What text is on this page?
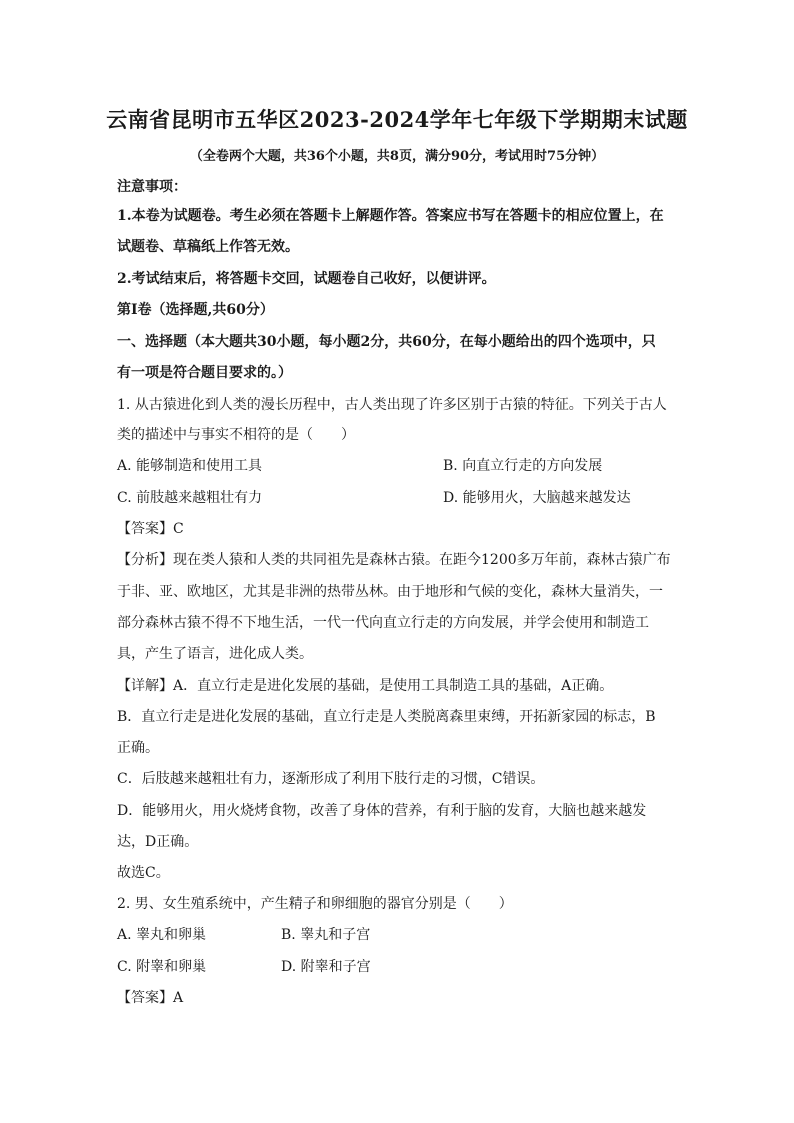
云南省昆明市五华区2023-2024学年七年级下学期期末试题
（全卷两个大题，共36个小题，共8页，满分90分，考试用时75分钟）
注意事项：
1.本卷为试题卷。考生必须在答题卡上解题作答。答案应书写在答题卡的相应位置上，在
试题卷、草稿纸上作答无效。
2.考试结束后，将答题卡交回，试题卷自己收好，以便讲评。
第Ⅰ卷（选择题,共60分）
一、选择题（本大题共30小题，每小题2分，共60分，在每小题给出的四个选项中，只
有一项是符合题目要求的。）
1. 从古猿进化到人类的漫长历程中，古人类出现了许多区别于古猿的特征。下列关于古人
类的描述中与事实不相符的是（　　）
A. 能够制造和使用工具	B. 向直立行走的方向发展
C. 前肢越来越粗壮有力	D. 能够用火，大脑越来越发达
【答案】C
【分析】现在类人猿和人类的共同祖先是森林古猿。在距今1200多万年前，森林古猿广布
于非、亚、欧地区，尤其是非洲的热带丛林。由于地形和气候的变化，森林大量消失，一
部分森林古猿不得不下地生活，一代一代向直立行走的方向发展，并学会使用和制造工
具，产生了语言，进化成人类。
【详解】A．直立行走是进化发展的基础，是使用工具制造工具的基础，A正确。
B．直立行走是进化发展的基础，直立行走是人类脱离森里束缚，开拓新家园的标志，B
正确。
C．后肢越来越粗壮有力，逐渐形成了利用下肢行走的习惯，C错误。
D．能够用火，用火烧烤食物，改善了身体的营养，有利于脑的发育，大脑也越来越发
达，D正确。
故选C。
2. 男、女生殖系统中，产生精子和卵细胞的器官分别是（　　）
A. 睾丸和卵巢	B. 睾丸和子宫
C. 附睾和卵巢	D. 附睾和子宫
【答案】A
